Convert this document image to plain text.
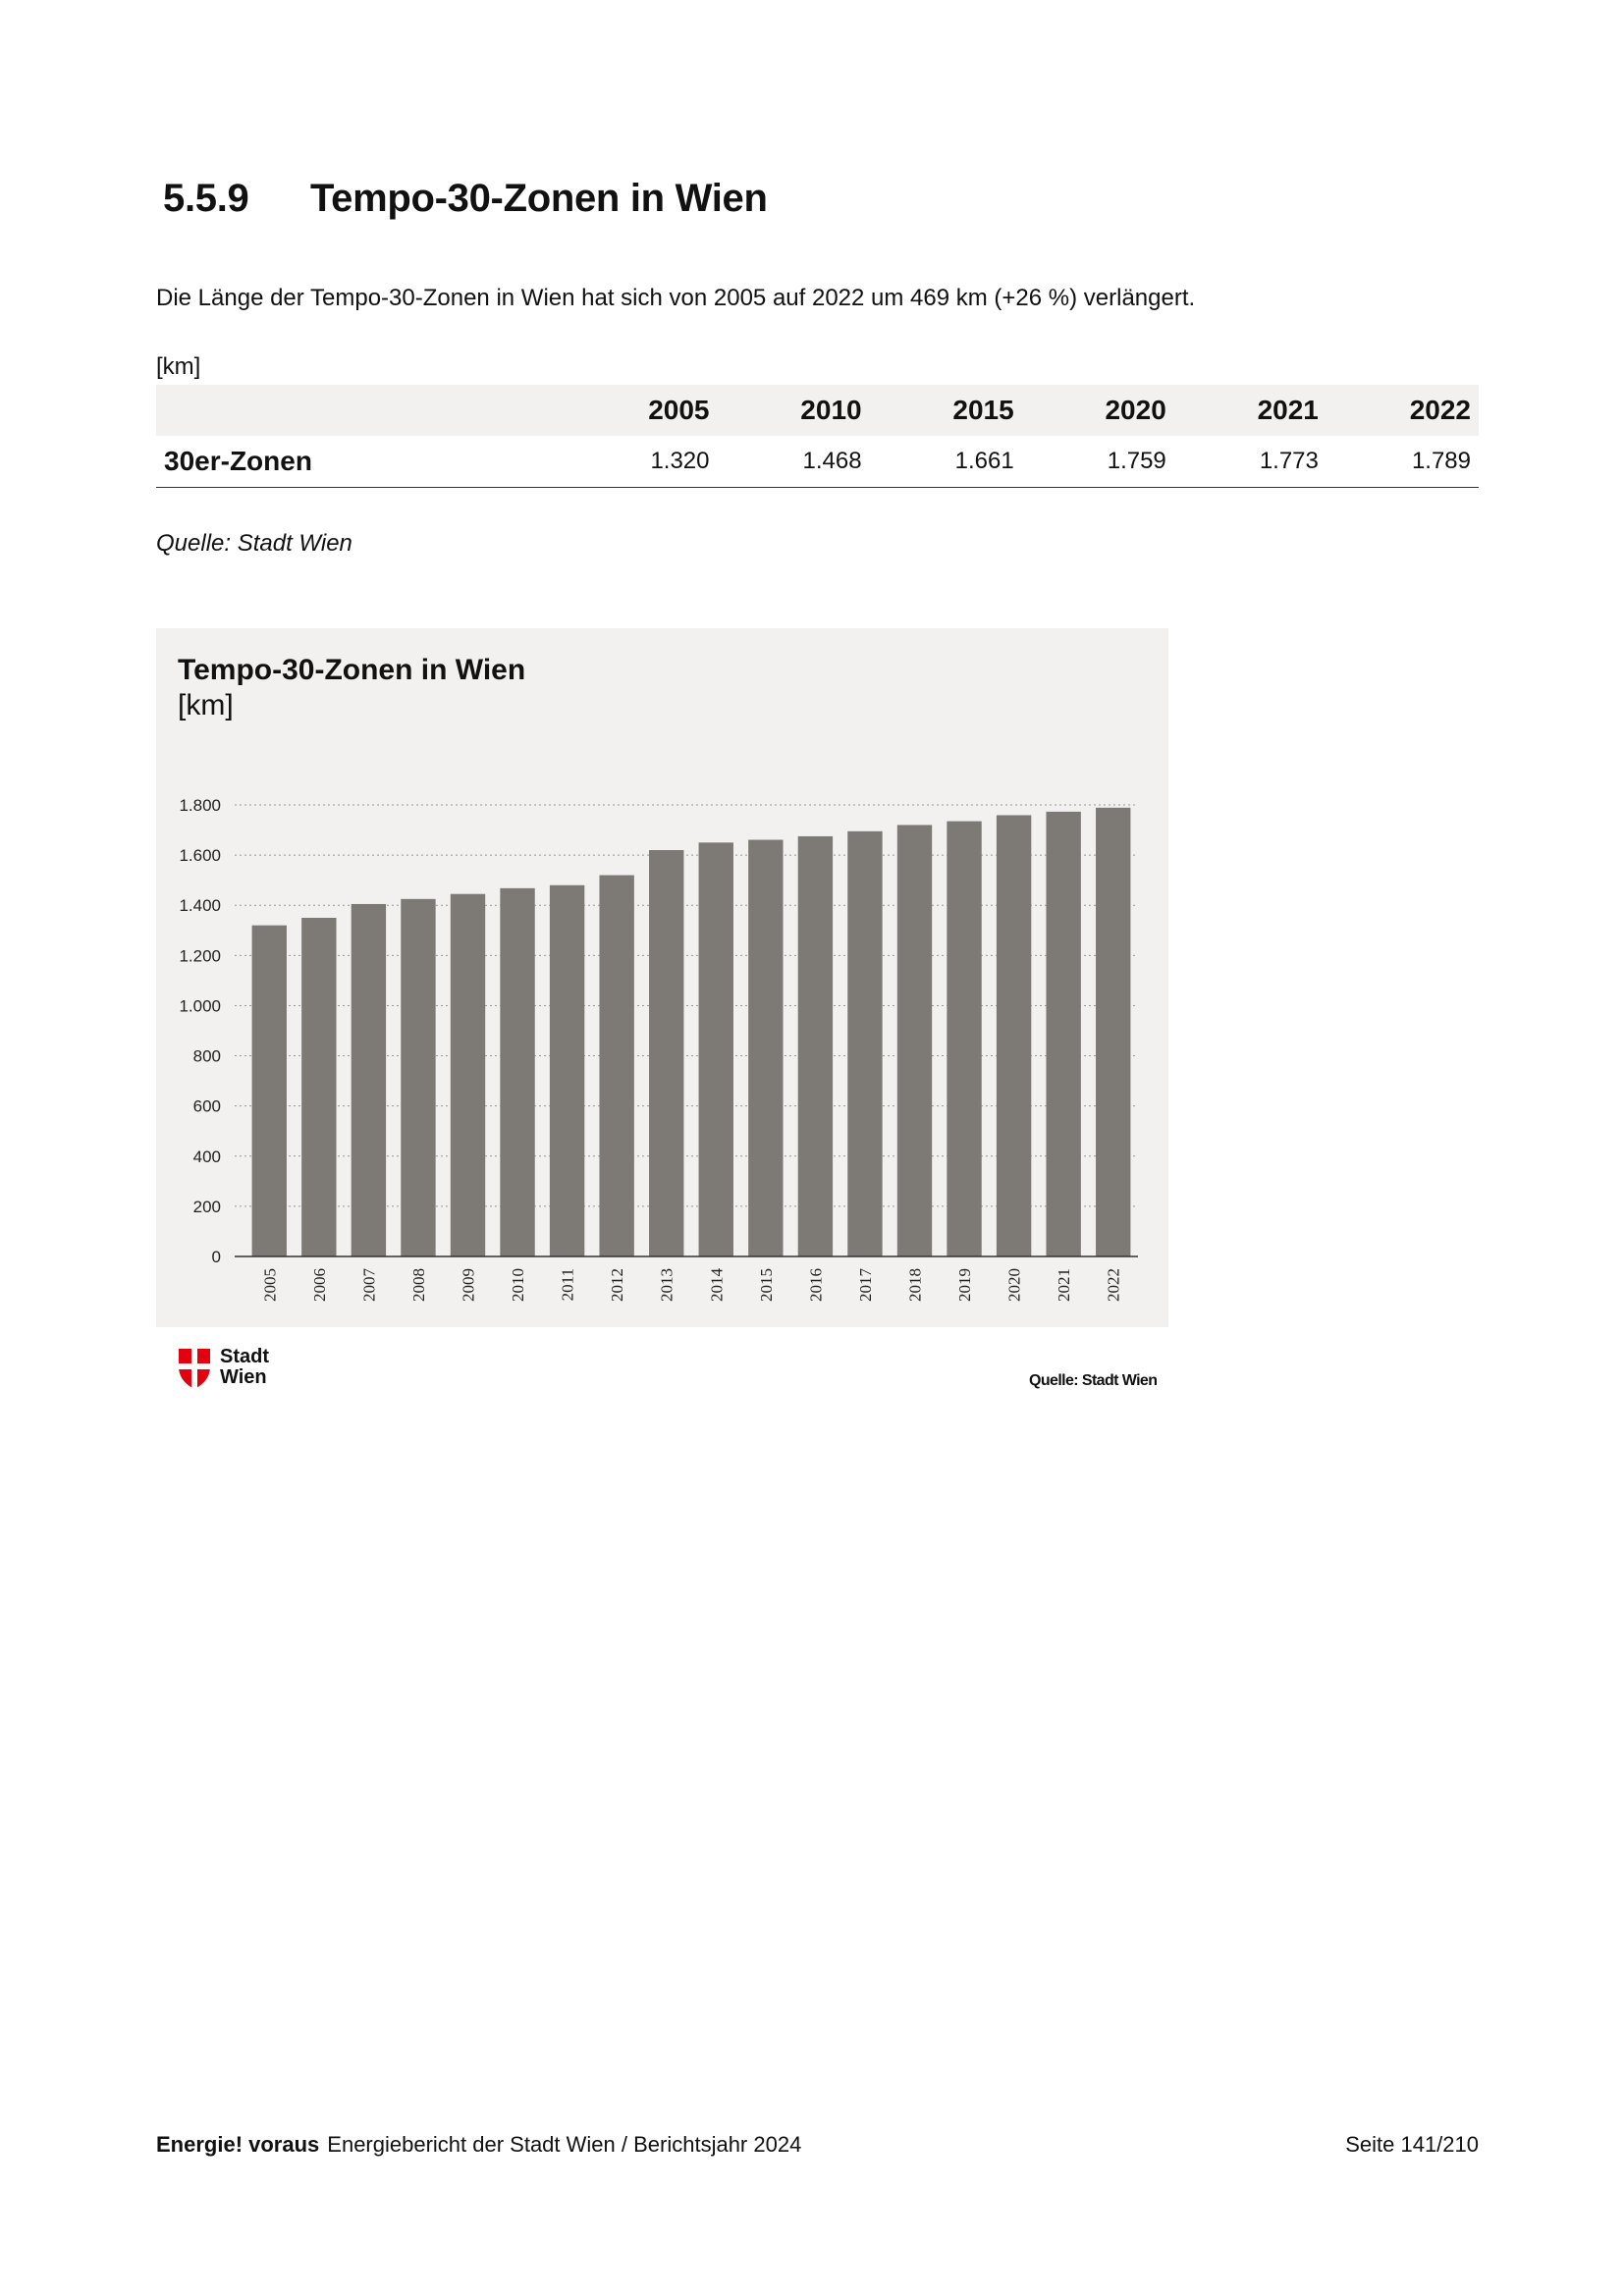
5.5.9 Tempo-30-Zonen in Wien
Die Länge der Tempo-30-Zonen in Wien hat sich von 2005 auf 2022 um 469 km (+26 %) verlängert.
[km]
	2005	2010	2015	2020	2021	2022
30er-Zonen	1.320	1.468	1.661	1.759	1.773	1.789
Quelle: Stadt Wien
0
200
400
600
800
1.000
1.200
1.400
1.600
1.800
2005 2006 2007 2008 2009 2010 2011 2012 2013 2014 2015 2016 2017 2018 2019 2020 2021 2022
Tempo-30-Zonen in Wien
[km]
Stadt
Wien	Quelle: Stadt Wien
Energie! voraus Energiebericht der Stadt Wien / Berichtsjahr 2024	Seite 141/210
